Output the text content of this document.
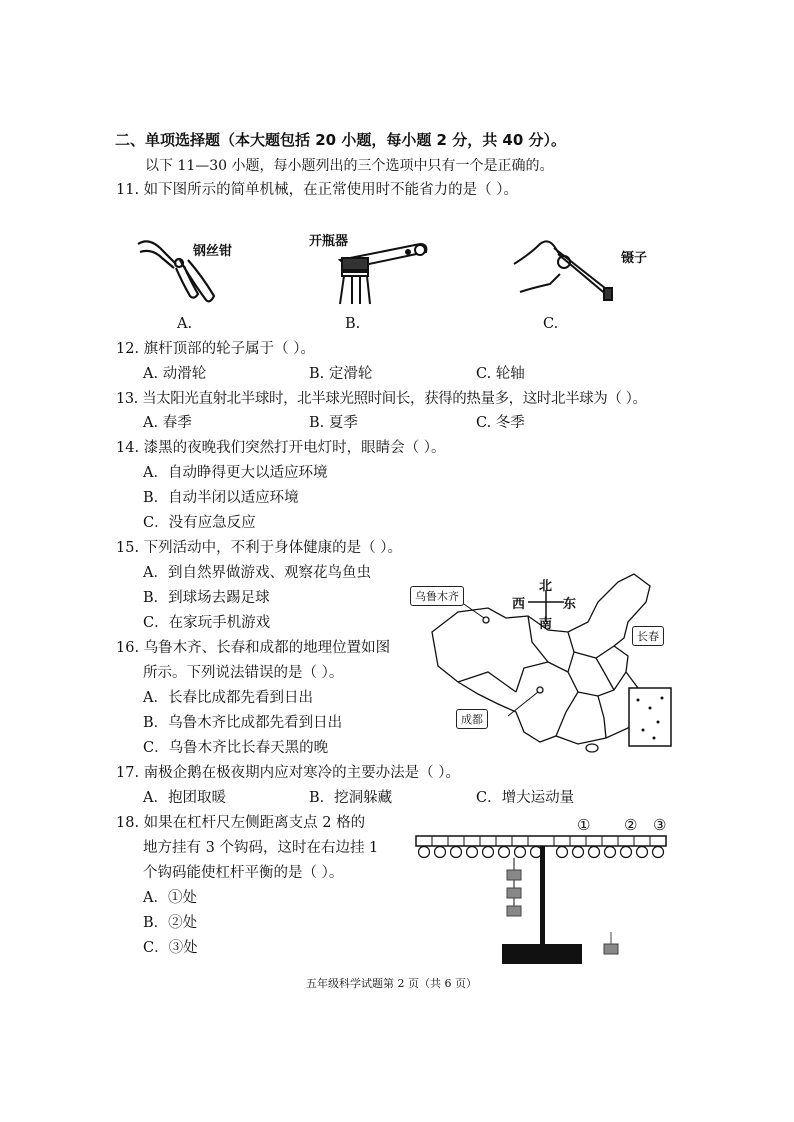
二、单项选择题（本大题包括 20 小题，每小题 2 分，共 40 分）。
以下 11—30 小题，每小题列出的三个选项中只有一个是正确的。
11. 如下图所示的简单机械，在正常使用时不能省力的是（ ）。
钢丝钳
开瓶器
镊子
A.	B.	C.
12. 旗杆顶部的轮子属于（ ）。
A. 动滑轮	B. 定滑轮	C. 轮轴
13. 当太阳光直射北半球时，北半球光照时间长，获得的热量多，这时北半球为（ ）。
A. 春季	B. 夏季	C. 冬季
14. 漆黑的夜晚我们突然打开电灯时，眼睛会（ ）。
A．自动睁得更大以适应环境
B．自动半闭以适应环境
C．没有应急反应
15. 下列活动中，不利于身体健康的是（ ）。
A．到自然界做游戏、观察花鸟鱼虫
B．到球场去踢足球
C．在家玩手机游戏
北
南
西	东
乌鲁木齐
长春
成都
16. 乌鲁木齐、长春和成都的地理位置如图
所示。下列说法错误的是（ ）。
A．长春比成都先看到日出
B．乌鲁木齐比成都先看到日出
C．乌鲁木齐比长春天黑的晚
17. 南极企鹅在极夜期内应对寒冷的主要办法是（ ）。
A．抱团取暖	B．挖洞躲藏	C．增大运动量
18. 如果在杠杆尺左侧距离支点 2 格的
地方挂有 3 个钩码，这时在右边挂 1
个钩码能使杠杆平衡的是（ ）。
A．①处
B．②处
C．③处
① ② ③
五年级科学试题第 2 页（共 6 页）
